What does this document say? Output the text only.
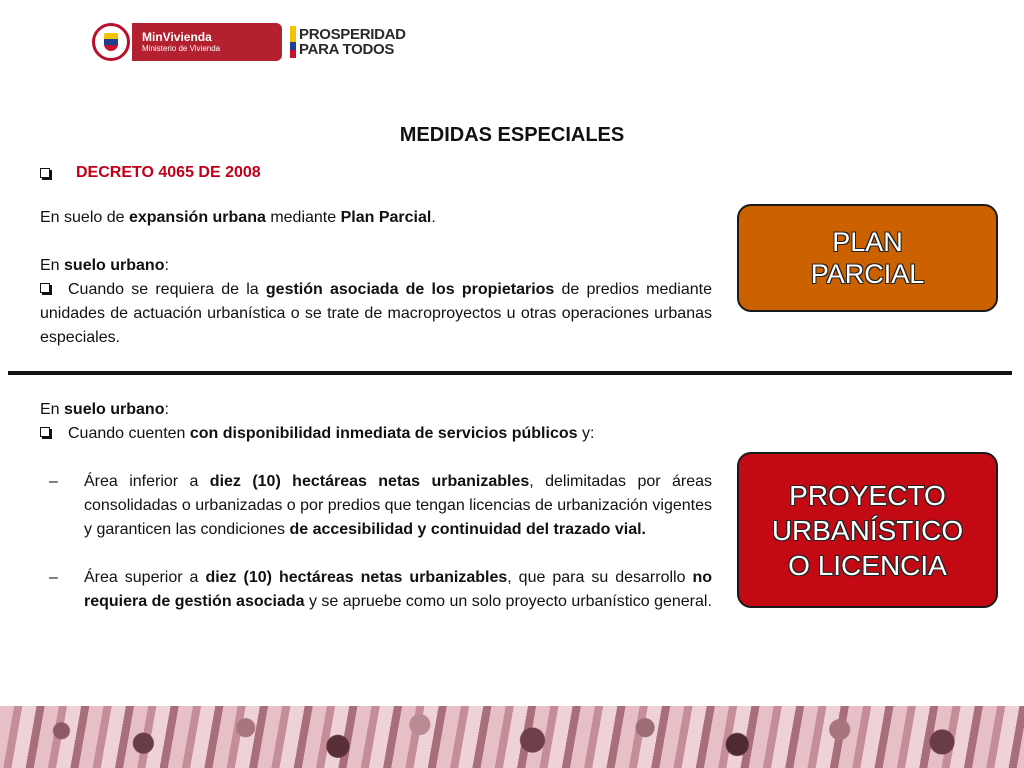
MinVivienda
Ministerio de Vivienda
PROSPERIDAD
PARA TODOS
MEDIDAS ESPECIALES
DECRETO 4065 DE 2008

En suelo de expansión urbana mediante Plan Parcial.

En suelo urbano:

Cuando se requiera de la gestión asociada de los propietarios de predios mediante unidades de actuación urbanística o se trate de macroproyectos u otras operaciones urbanas especiales.

En suelo urbano:

Cuando cuenten con disponibilidad inmediata de servicios públicos y:

– Área inferior a diez (10) hectáreas netas urbanizables, delimitadas por áreas consolidadas o urbanizadas o por predios que tengan licencias de urbanización vigentes y garanticen las condiciones de accesibilidad y continuidad del trazado vial.

– Área superior a diez (10) hectáreas netas urbanizables, que para su desarrollo no requiera de gestión asociada y se apruebe como un solo proyecto urbanístico general.

PLAN
PARCIAL
PROYECTO
URBANÍSTICO
O LICENCIA
